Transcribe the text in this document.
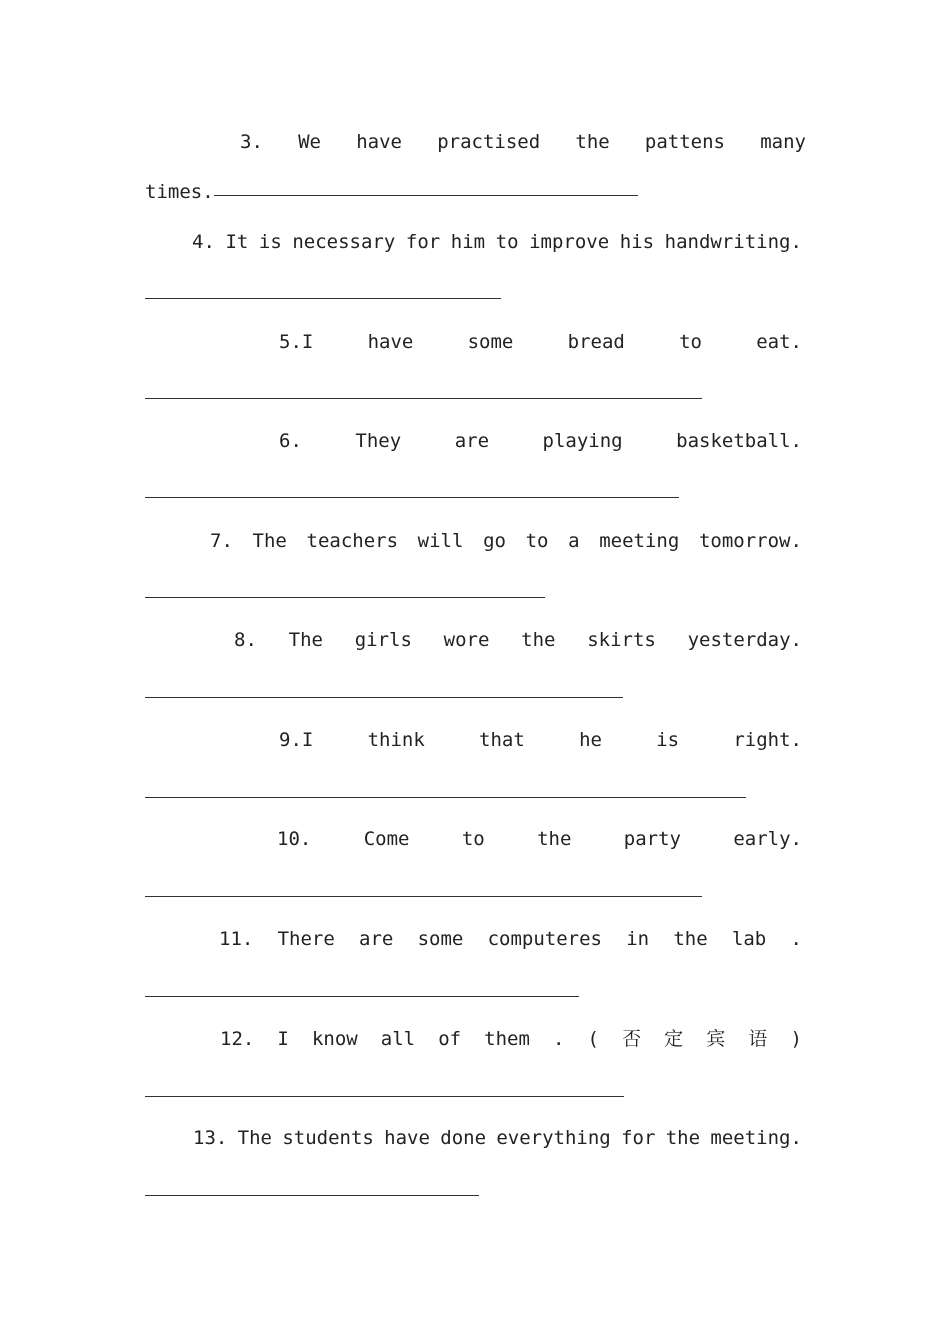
3. We have practised the pattens many
times.
4. It is necessary for him to improve his handwriting.
5.I	have	some	bread	to	eat.
6.	They	are	playing	basketball.
7. The teachers will go to a meeting tomorrow.
8. The girls wore the skirts yesterday.
9.I	think	that	he	is	right.
10.	Come	to	the	party	early.
11. There are some computeres in the lab .
12. I know all of them . ( 否 定 宾 语 )
13. The students have done everything for the meeting.
